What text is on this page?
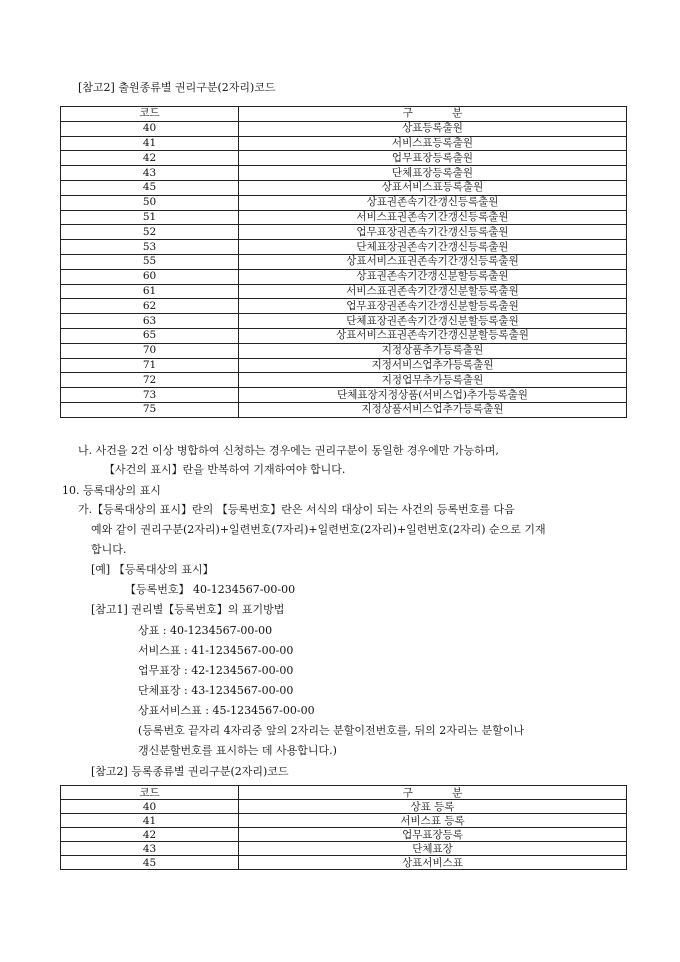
[참고2] 출원종류별 권리구분(2자리)코드
코드	구 분
40	상표등록출원
41	서비스표등록출원
42	업무표장등록출원
43	단체표장등록출원
45	상표서비스표등록출원
50	상표권존속기간갱신등록출원
51	서비스표권존속기간갱신등록출원
52	업무표장권존속기간갱신등록출원
53	단체표장권존속기간갱신등록출원
55	상표서비스표권존속기간갱신등록출원
60	상표권존속기간갱신분할등록출원
61	서비스표권존속기간갱신분할등록출원
62	업무표장권존속기간갱신분할등록출원
63	단체표장권존속기간갱신분할등록출원
65	상표서비스표권존속기간갱신분할등록출원
70	지정상품추가등록출원
71	지정서비스업추가등록출원
72	지정업무추가등록출원
73	단체표장지정상품(서비스업)추가등록출원
75	지정상품서비스업추가등록출원
나. 사건을 2건 이상 병합하여 신청하는 경우에는 권리구분이 동일한 경우에만 가능하며,
【사건의 표시】란을 반복하여 기재하여야 합니다.
10. 등록대상의 표시
가.【등록대상의 표시】란의 【등록번호】란은 서식의 대상이 되는 사건의 등록번호를 다음
예와 같이 권리구분(2자리)+일련번호(7자리)+일련번호(2자리)+일련번호(2자리) 순으로 기재
합니다.
[예] 【등록대상의 표시】
【등록번호】 40-1234567-00-00
[참고1] 권리별【등록번호】의 표기방법
상표 : 40-1234567-00-00
서비스표 : 41-1234567-00-00
업무표장 : 42-1234567-00-00
단체표장 : 43-1234567-00-00
상표서비스표 : 45-1234567-00-00
(등록번호 끝자리 4자리중 앞의 2자리는 분할이전번호를, 뒤의 2자리는 분할이나
갱신분할번호를 표시하는 데 사용합니다.)
[참고2] 등록종류별 권리구분(2자리)코드
코드	구 분
40	상표 등록
41	서비스표 등록
42	업무표장등록
43	단체표장
45	상표서비스표
